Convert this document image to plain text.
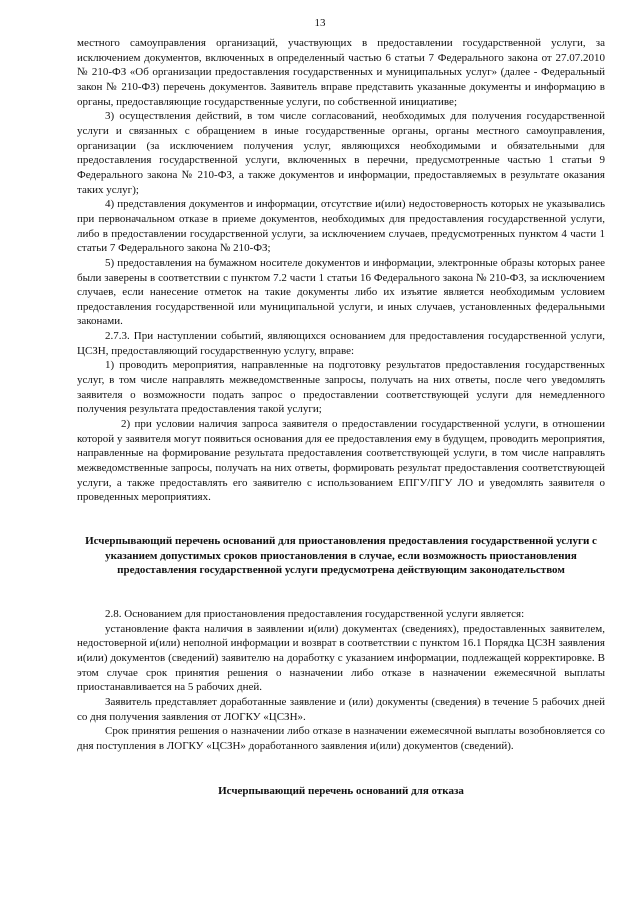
13

местного самоуправления организаций, участвующих в предоставлении государственной услуги, за исключением документов, включенных в определенный частью 6 статьи 7 Федерального закона от 27.07.2010 № 210-ФЗ «Об организации предоставления государственных и муниципальных услуг» (далее - Федеральный закон № 210-ФЗ) перечень документов. Заявитель вправе представить указанные документы и информацию в органы, предоставляющие государственные услуги, по собственной инициативе;

3) осуществления действий, в том числе согласований, необходимых для получения государственной услуги и связанных с обращением в иные государственные органы, органы местного самоуправления, организации (за исключением получения услуг, являющихся необходимыми и обязательными для предоставления государственной услуги, включенных в перечни, предусмотренные частью 1 статьи 9 Федерального закона № 210-ФЗ, а также документов и информации, предоставляемых в результате оказания таких услуг);

4) представления документов и информации, отсутствие и(или) недостоверность которых не указывались при первоначальном отказе в приеме документов, необходимых для предоставления государственной услуги, либо в предоставлении государственной услуги, за исключением случаев, предусмотренных пунктом 4 части 1 статьи 7 Федерального закона № 210-ФЗ;

5) предоставления на бумажном носителе документов и информации, электронные образы которых ранее были заверены в соответствии с пунктом 7.2 части 1 статьи 16 Федерального закона № 210-ФЗ, за исключением случаев, если нанесение отметок на такие документы либо их изъятие является необходимым условием предоставления государственной или муниципальной услуги, и иных случаев, установленных федеральными законами.

2.7.3. При наступлении событий, являющихся основанием для предоставления государственной услуги, ЦСЗН, предоставляющий государственную услугу, вправе:

1) проводить мероприятия, направленные на подготовку результатов предоставления государственных услуг, в том числе направлять межведомственные запросы, получать на них ответы, после чего уведомлять заявителя о возможности подать запрос о предоставлении соответствующей услуги для немедленного получения результата предоставления такой услуги;

2) при условии наличия запроса заявителя о предоставлении государственной услуги, в отношении которой у заявителя могут появиться основания для ее предоставления ему в будущем, проводить мероприятия, направленные на формирование результата предоставления соответствующей услуги, в том числе направлять межведомственные запросы, получать на них ответы, формировать результат предоставления соответствующей услуги, а также предоставлять его заявителю с использованием ЕПГУ/ПГУ ЛО и уведомлять заявителя о проведенных мероприятиях.

Исчерпывающий перечень оснований для приостановления предоставления государственной услуги с указанием допустимых сроков приостановления в случае, если возможность приостановления предоставления государственной услуги предусмотрена действующим законодательством

2.8. Основанием для приостановления предоставления государственной услуги является:

установление факта наличия в заявлении и(или) документах (сведениях), предоставленных заявителем, недостоверной и(или) неполной информации и возврат в соответствии с пунктом 16.1 Порядка ЦСЗН заявления и(или) документов (сведений) заявителю на доработку с указанием информации, подлежащей корректировке. В этом случае срок принятия решения о назначении либо отказе в назначении ежемесячной выплаты приостанавливается на 5 рабочих дней.

Заявитель представляет доработанные заявление и (или) документы (сведения) в течение 5 рабочих дней со дня получения заявления от ЛОГКУ «ЦСЗН».

Срок принятия решения о назначении либо отказе в назначении ежемесячной выплаты возобновляется со дня поступления в ЛОГКУ «ЦСЗН» доработанного заявления и(или) документов (сведений).

Исчерпывающий перечень оснований для отказа
